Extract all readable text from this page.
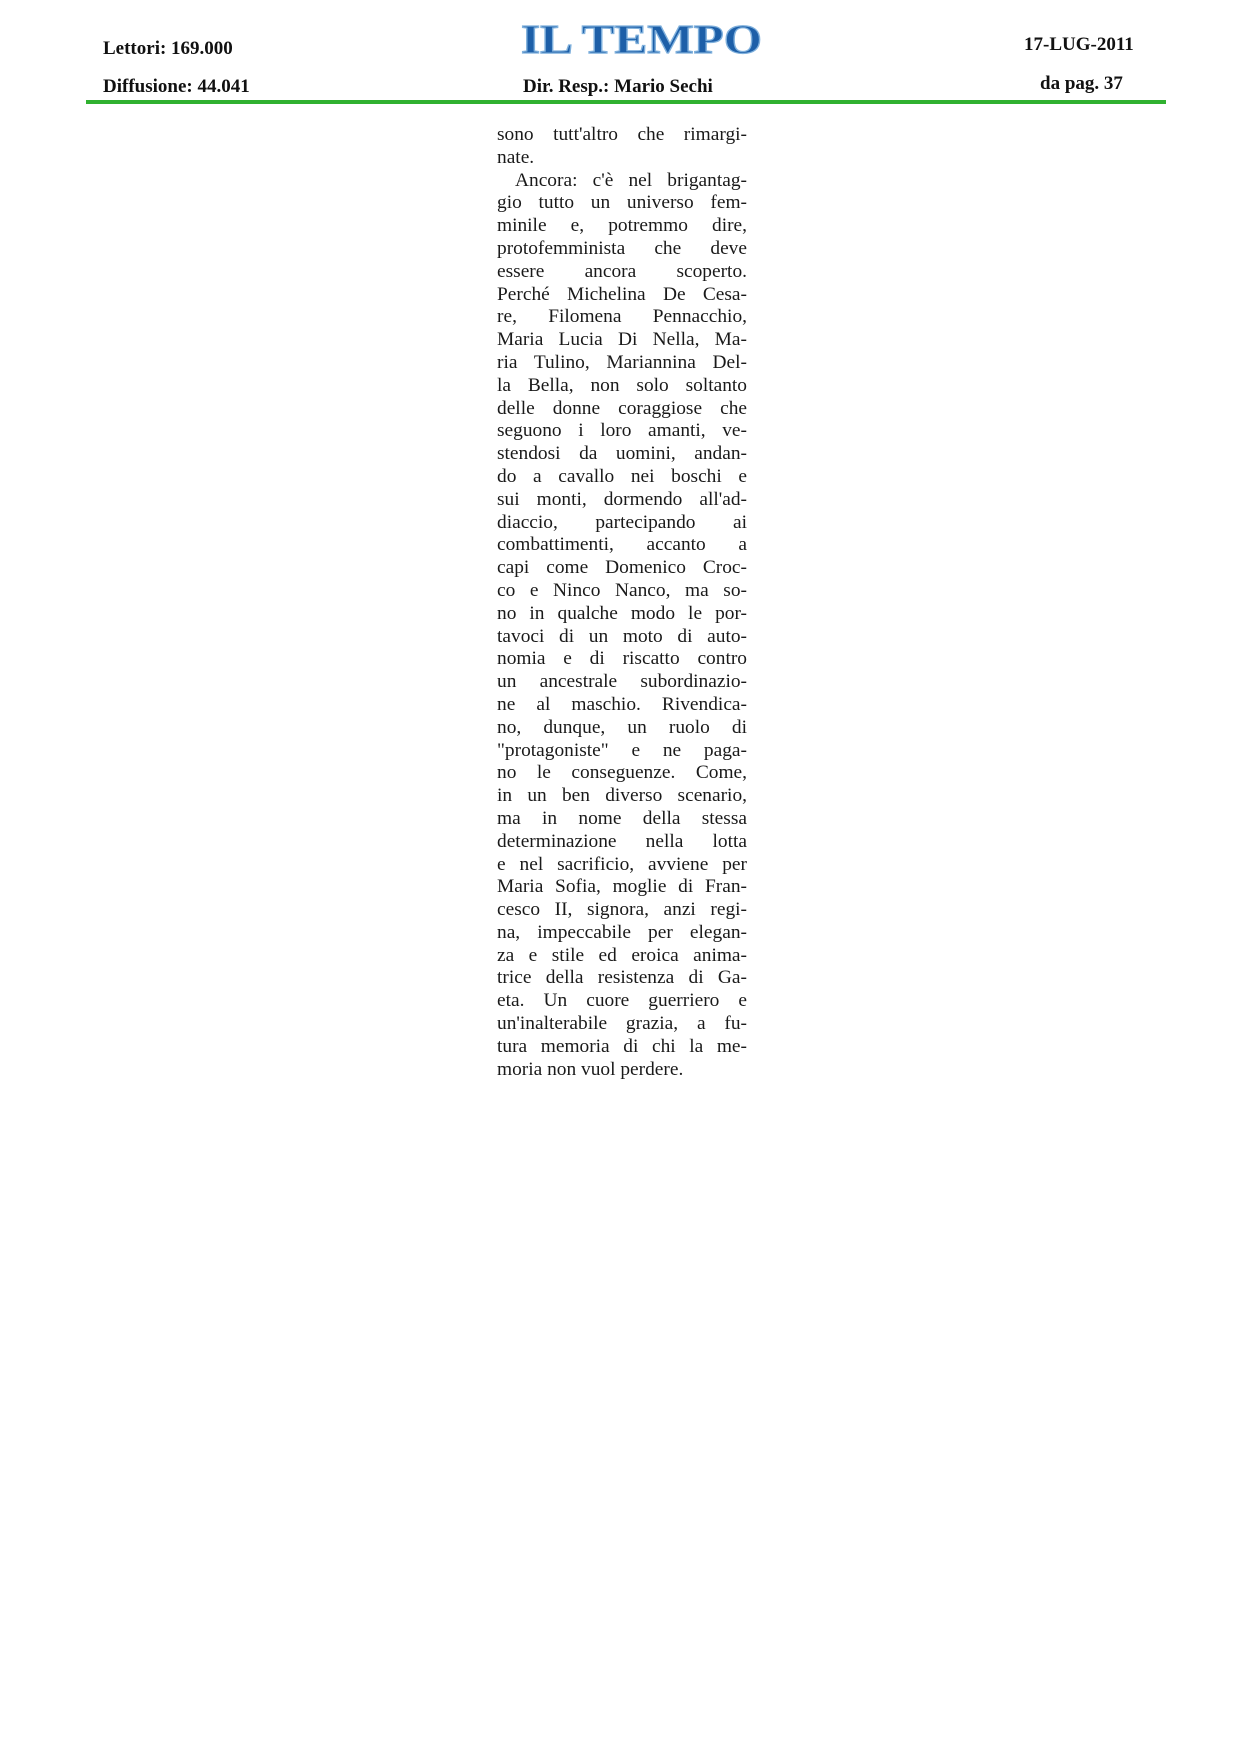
Lettori: 169.000
Diffusione: 44.041
IL TEMPO
Dir. Resp.: Mario Sechi
17-LUG-2011
da pag. 37
sono tutt'altro che rimargi-
nate.
Ancora: c'è nel brigantag-
gio tutto un universo fem-
minile e, potremmo dire,
protofemminista che deve
essere ancora scoperto.
Perché Michelina De Cesa-
re, Filomena Pennacchio,
Maria Lucia Di Nella, Ma-
ria Tulino, Mariannina Del-
la Bella, non solo soltanto
delle donne coraggiose che
seguono i loro amanti, ve-
stendosi da uomini, andan-
do a cavallo nei boschi e
sui monti, dormendo all'ad-
diaccio, partecipando ai
combattimenti, accanto a
capi come Domenico Croc-
co e Ninco Nanco, ma so-
no in qualche modo le por-
tavoci di un moto di auto-
nomia e di riscatto contro
un ancestrale subordinazio-
ne al maschio. Rivendica-
no, dunque, un ruolo di
"protagoniste" e ne paga-
no le conseguenze. Come,
in un ben diverso scenario,
ma in nome della stessa
determinazione nella lotta
e nel sacrificio, avviene per
Maria Sofia, moglie di Fran-
cesco II, signora, anzi regi-
na, impeccabile per elegan-
za e stile ed eroica anima-
trice della resistenza di Ga-
eta. Un cuore guerriero e
un'inalterabile grazia, a fu-
tura memoria di chi la me-
moria non vuol perdere.
